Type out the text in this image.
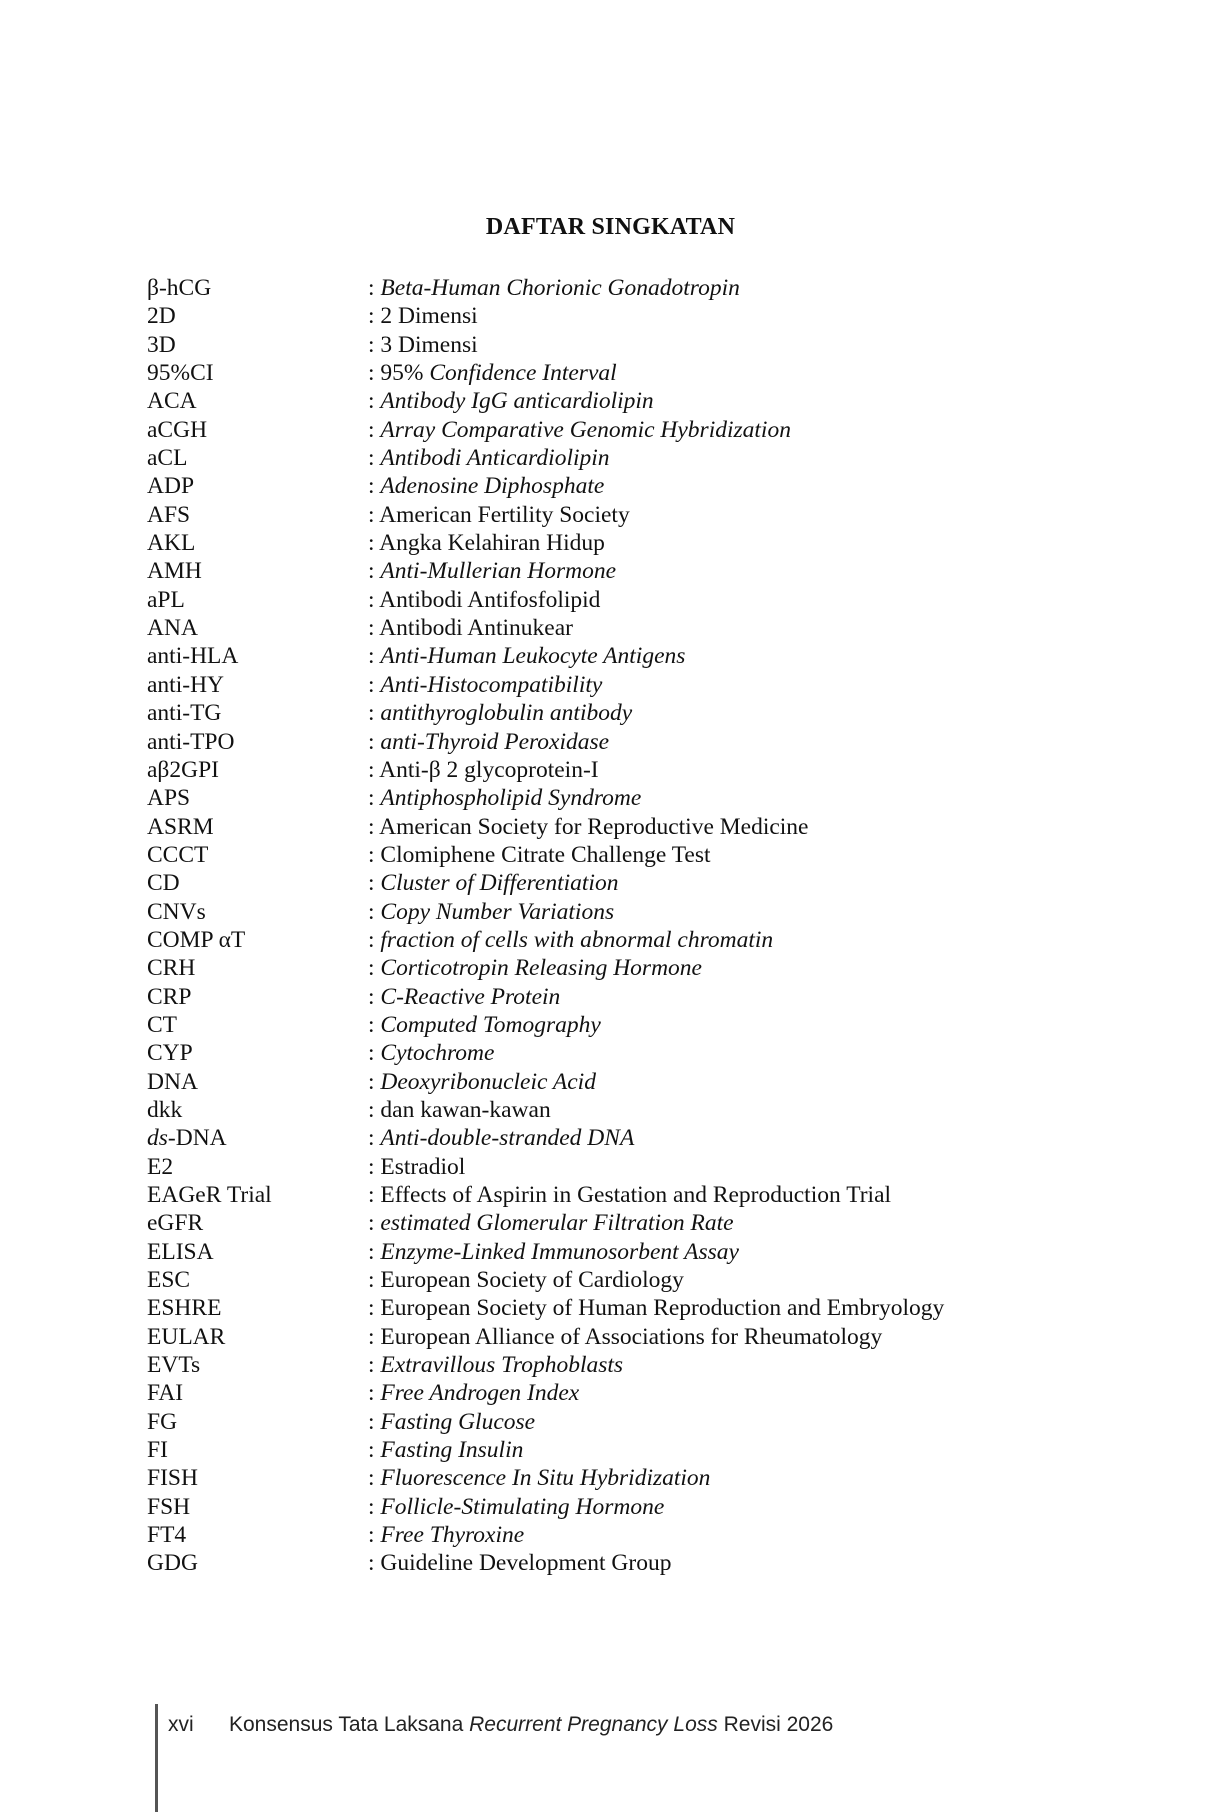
DAFTAR SINGKATAN
β-hCG	: Beta-Human Chorionic Gonadotropin
2D	: 2 Dimensi
3D	: 3 Dimensi
95%CI	: 95% Confidence Interval
ACA	: Antibody IgG anticardiolipin
aCGH	: Array Comparative Genomic Hybridization
aCL	: Antibodi Anticardiolipin
ADP	: Adenosine Diphosphate
AFS	: American Fertility Society
AKL	: Angka Kelahiran Hidup
AMH	: Anti-Mullerian Hormone
aPL	: Antibodi Antifosfolipid
ANA	: Antibodi Antinukear
anti-HLA	: Anti-Human Leukocyte Antigens
anti-HY	: Anti-Histocompatibility
anti-TG	: antithyroglobulin antibody
anti-TPO	: anti-Thyroid Peroxidase
aβ2GPI	: Anti-β 2 glycoprotein-I
APS	: Antiphospholipid Syndrome
ASRM	: American Society for Reproductive Medicine
CCCT	: Clomiphene Citrate Challenge Test
CD	: Cluster of Differentiation
CNVs	: Copy Number Variations
COMP αT	: fraction of cells with abnormal chromatin
CRH	: Corticotropin Releasing Hormone
CRP	: C-Reactive Protein
CT	: Computed Tomography
CYP	: Cytochrome
DNA	: Deoxyribonucleic Acid
dkk	: dan kawan-kawan
ds-DNA	: Anti-double-stranded DNA
E2	: Estradiol
EAGeR Trial	: Effects of Aspirin in Gestation and Reproduction Trial
eGFR	: estimated Glomerular Filtration Rate
ELISA	: Enzyme-Linked Immunosorbent Assay
ESC	: European Society of Cardiology
ESHRE	: European Society of Human Reproduction and Embryology
EULAR	: European Alliance of Associations for Rheumatology
EVTs	: Extravillous Trophoblasts
FAI	: Free Androgen Index
FG	: Fasting Glucose
FI	: Fasting Insulin
FISH	: Fluorescence In Situ Hybridization
FSH	: Follicle-Stimulating Hormone
FT4	: Free Thyroxine
GDG	: Guideline Development Group
xvi Konsensus Tata Laksana Recurrent Pregnancy Loss Revisi 2026
